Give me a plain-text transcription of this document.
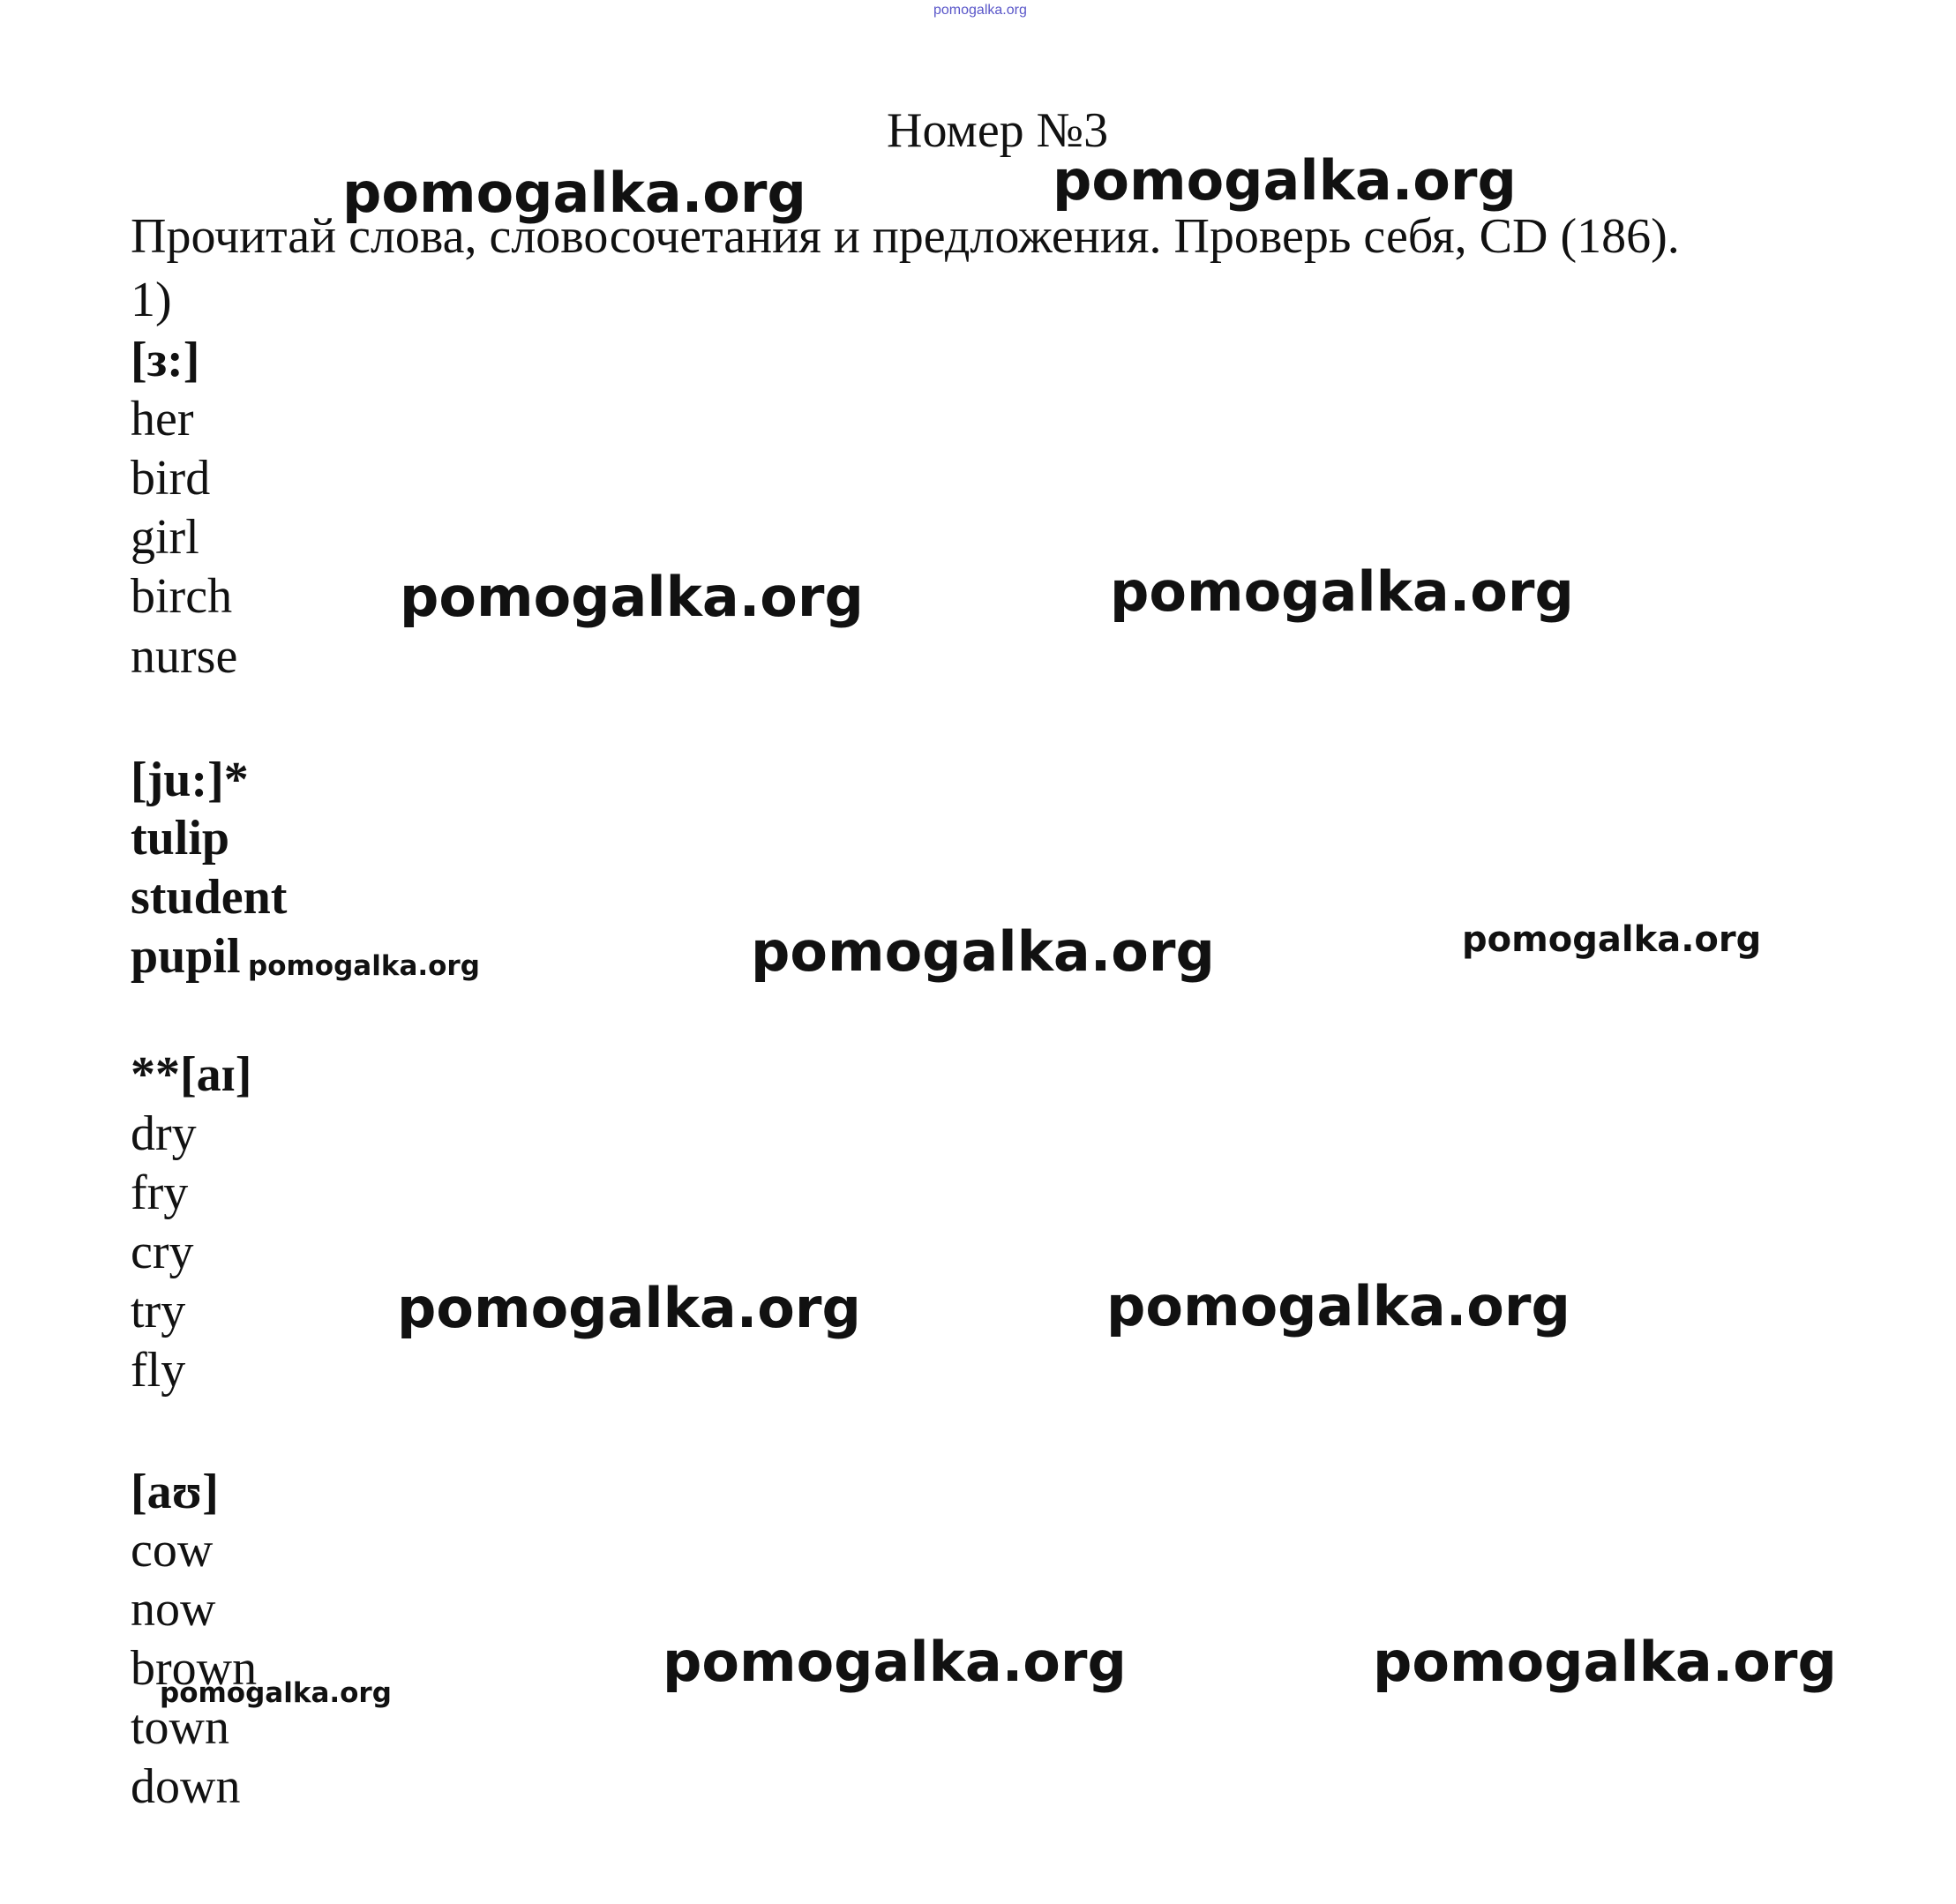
pomogalka.org
Номер №3
Прочитай слова, словосочетания и предложения. Проверь себя, CD (186).
1)
[з:]
her
bird
girl
birch
nurse
[ju:]*
tulip
student
pupil
**[aɪ]
dry
fry
cry
try
fly
[aʊ]
cow
now
brown
town
down
pomogalka.org	pomogalka.org
pomogalka.org	pomogalka.org
pomogalka.org	pomogalka.org
pomogalka.org
pomogalka.org	pomogalka.org
pomogalka.org	pomogalka.org
pomogalka.org
